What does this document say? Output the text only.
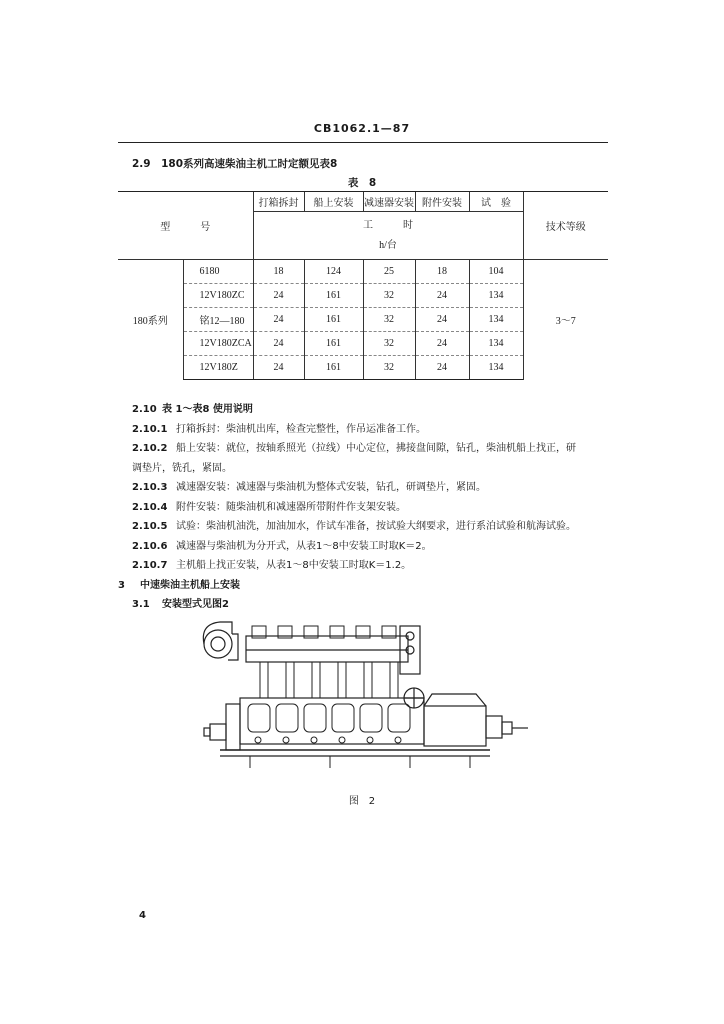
CB1062.1—87
2.9　180系列高速柴油主机工时定额见表8
表　8
型　　　号		打箱拆封	船上安装	减速器安装	附件安装	试　验	技术等级
		工　　　时					
		h/台					
180系列	6180	18	124	25	18	104	3～7
	12V180ZC	24	161	32	24	134	
	铭12—180	24	161	32	24	134	
	12V180ZCA	24	161	32	24	134	
	12V180Z	24	161	32	24	134	
2.10 表 1～表8 使用说明
2.10.1 打箱拆封：柴油机出库，检查完整性，作吊运准备工作。
2.10.2 船上安装：就位，按轴系照光（拉线）中心定位，拂接盘间隙，钻孔，柴油机船上找正，研
调垫片，铣孔，紧固。
2.10.3 减速器安装：减速器与柴油机为整体式安装，钻孔，研调垫片，紧固。
2.10.4 附件安装：随柴油机和减速器所带附件作支架安装。
2.10.5 试验：柴油机油洗，加油加水，作试车准备，按试验大纲要求，进行系泊试验和航海试验。
2.10.6 减速器与柴油机为分开式，从表1～8中安装工时取K＝2。
2.10.7 主机船上找正安装，从表1～8中安装工时取K＝1.2。
3 中速柴油主机船上安装
3.1 安装型式见图2
图　2
4
